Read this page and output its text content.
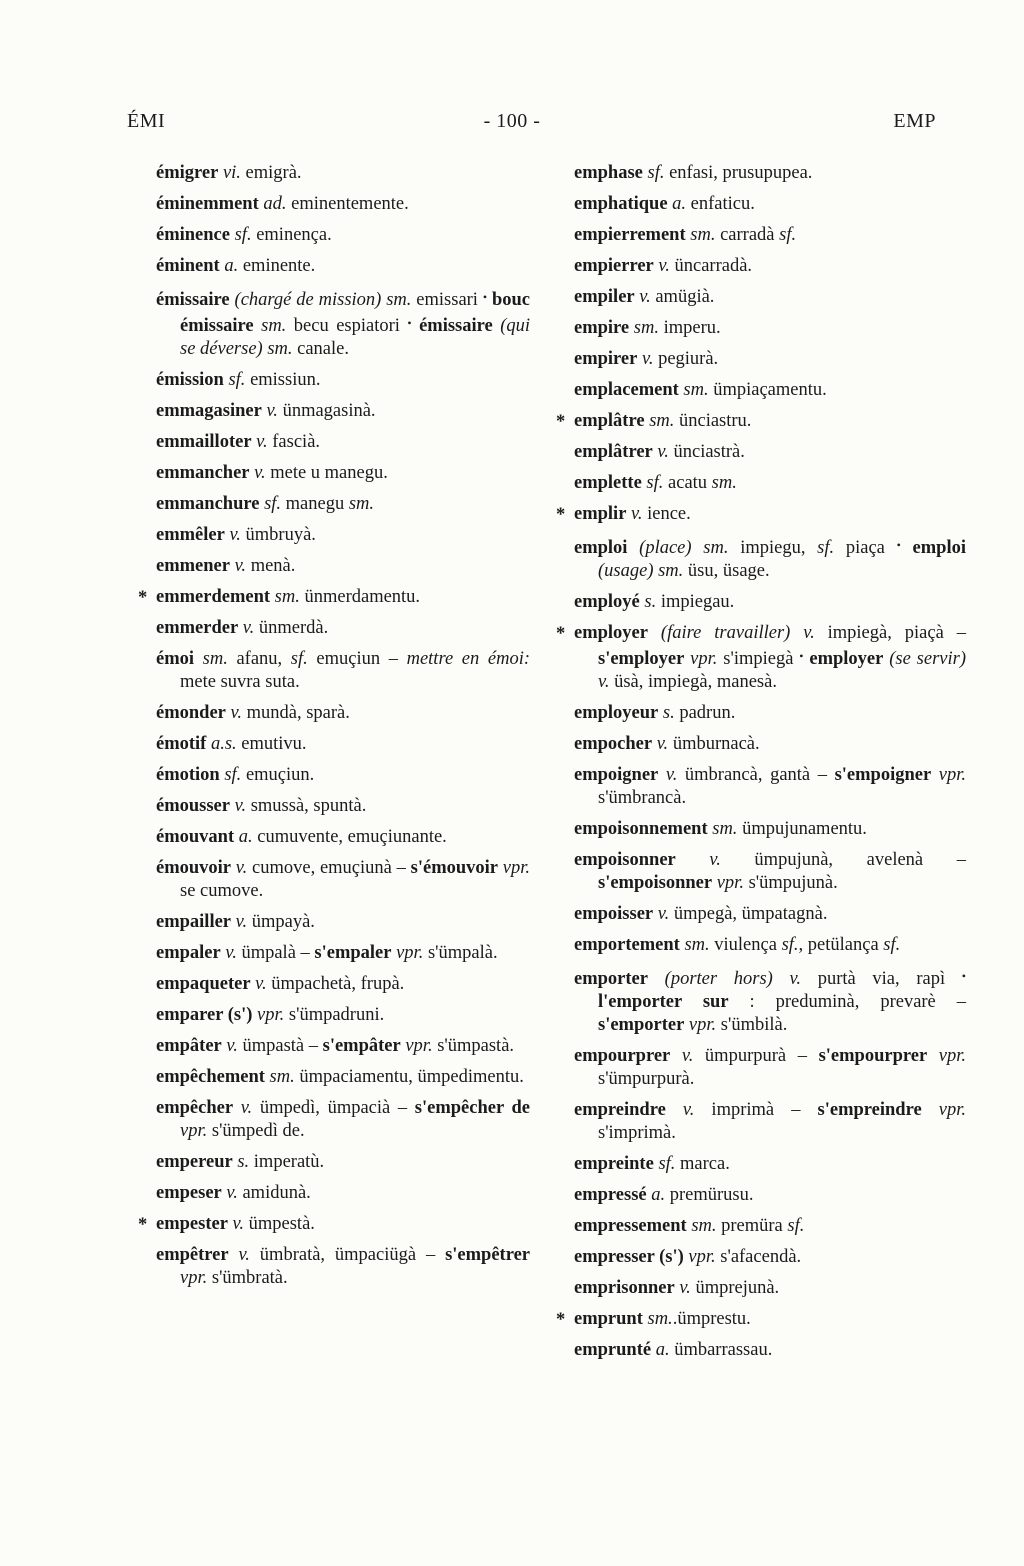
ÉMI	- 100 -	EMP

émigrer vi. emigrà.

éminemment ad. eminentemente.

éminence sf. eminença.

éminent a. eminente.

émissaire (chargé de mission) sm. emissari • bouc émissaire sm. becu espiatori • émissaire (qui se déverse) sm. canale.

émission sf. emissiun.

emmagasiner v. ünmagasinà.

emmailloter v. fascià.

emmancher v. mete u manegu.

emmanchure sf. manegu sm.

emmêler v. ümbruyà.

emmener v. menà.

* emmerdement sm. ünmerdamentu.

emmerder v. ünmerdà.

émoi sm. afanu, sf. emuçiun – mettre en émoi: mete suvra suta.

émonder v. mundà, sparà.

émotif a.s. emutivu.

émotion sf. emuçiun.

émousser v. smussà, spuntà.

émouvant a. cumuvente, emuçiunante.

émouvoir v. cumove, emuçiunà – s'émouvoir vpr. se cumove.

empailler v. ümpayà.

empaler v. ümpalà – s'empaler vpr. s'ümpalà.

empaqueter v. ümpachetà, frupà.

emparer (s') vpr. s'ümpadruni.

empâter v. ümpastà – s'empâter vpr. s'ümpastà.

empêchement sm. ümpaciamentu, ümpedimentu.

empêcher v. ümpedì, ümpacià – s'empêcher de vpr. s'ümpedì de.

empereur s. imperatù.

empeser v. amidunà.

* empester v. ümpestà.

empêtrer v. ümbratà, ümpaciügà – s'empêtrer vpr. s'ümbratà.

emphase sf. enfasi, prusupupea.

emphatique a. enfaticu.

empierrement sm. carradà sf.

empierrer v. üncarradà.

empiler v. amügià.

empire sm. imperu.

empirer v. pegiurà.

emplacement sm. ümpiaçamentu.

* emplâtre sm. ünciastru.

emplâtrer v. ünciastrà.

emplette sf. acatu sm.

* emplir v. ience.

emploi (place) sm. impiegu, sf. piaça • emploi (usage) sm. üsu, üsage.

employé s. impiegau.

* employer (faire travailler) v. impiegà, piaçà – s'employer vpr. s'impiegà • employer (se servir) v. üsà, impiegà, manesà.

employeur s. padrun.

empocher v. ümburnacà.

empoigner v. ümbrancà, gantà – s'empoigner vpr. s'ümbrancà.

empoisonnement sm. ümpujunamentu.

empoisonner v. ümpujunà, avelenà – s'empoisonner vpr. s'ümpujunà.

empoisser v. ümpegà, ümpatagnà.

emportement sm. viulença sf., petülança sf.

emporter (porter hors) v. purtà via, rapì • l'emporter sur : preduminà, prevarè – s'emporter vpr. s'ümbilà.

empourprer v. ümpurpurà – s'empourprer vpr. s'ümpurpurà.

empreindre v. imprimà – s'empreindre vpr. s'imprimà.

empreinte sf. marca.

empressé a. premürusu.

empressement sm. premüra sf.

empresser (s') vpr. s'afacendà.

emprisonner v. ümprejunà.

* emprunt sm..ümprestu.

emprunté a. ümbarrassau.
